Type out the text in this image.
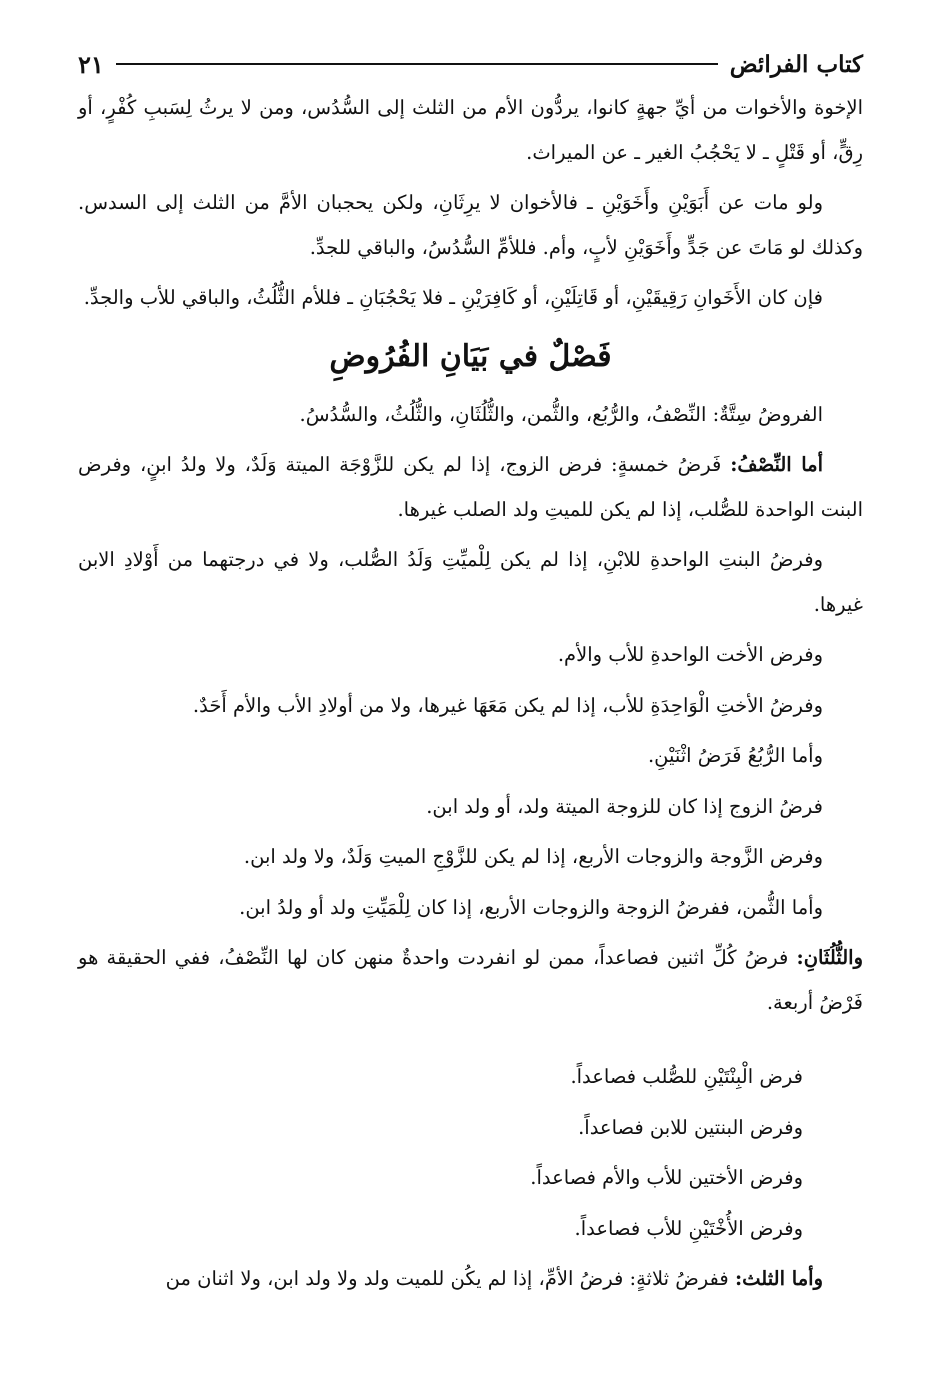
كتاب الفرائض
٢١

الإخوة والأخوات من أيِّ جهةٍ كانوا، يردُّون الأم من الثلث إلى السُّدُس، ومن لا يرثُ لِسَببِ كُفْرٍ، أو رِقٍّ، أو قَتْلٍ ـ لا يَحْجُبُ الغير ـ عن الميراث.

ولو مات عن أَبَوَيْنِ وأَخَوَيْنِ ـ فالأخوان لا يرِثَانِ، ولكن يحجبان الأمَّ من الثلث إلى السدس. وكذلك لو مَاتَ عن جَدٍّ وأَخَوَيْنِ لأبٍ، وأم. فللأمِّ السُّدُسُ، والباقي للجدِّ.

فإن كان الأَخَوانِ رَقِيقَيْنِ، أو قَاتِلَيْنِ، أو كَافِرَيْنِ ـ فلا يَحْجُبَانِ ـ فللأم الثُّلُثُ، والباقي للأب والجدِّ.

فَصْلٌ في بَيَانِ الفُرُوضِ

الفروضُ سِتَّةٌ: النِّصْفُ، والرُّبُع، والثُّمن، والثُّلُثَانِ، والثُّلُثُ، والسُّدُسُ.

أما النِّصْفُ: فَرضُ خمسةٍ: فرض الزوج، إذا لم يكن للزَّوْجَة الميتة وَلَدٌ، ولا ولدُ ابنٍ، وفرض البنت الواحدة للصُّلب، إذا لم يكن للميتِ ولد الصلب غيرها.

وفرضُ البنتِ الواحدةِ للابْنِ، إذا لم يكن لِلْميِّتِ وَلَدُ الصُّلب، ولا في درجتهما من أَوْلادِ الابن غيرها.

وفرض الأخت الواحدةِ للأب والأم.

وفرضُ الأختِ الْوَاحِدَةِ للأب، إذا لم يكن مَعَهَا غيرها، ولا من أولادِ الأب والأم أَحَدٌ.

وأما الرُّبُعُ فَرَضُ اثْنَيْنِ.

فرضُ الزوج إذا كان للزوجة الميتة ولد، أو ولد ابن.

وفرض الزَّوجة والزوجات الأربع، إذا لم يكن للزَّوْجِ الميتِ وَلَدٌ، ولا ولد ابن.

وأما الثُّمن، ففرضُ الزوجة والزوجات الأربع، إذا كان لِلْمَيِّتِ ولد أو ولدُ ابن.

والثُّلُثَانِ: فرضُ كُلِّ اثنين فصاعداً، ممن لو انفردت واحدةٌ منهن كان لها النِّصْفُ، ففي الحقيقة هو فَرْضُ أربعة.

فرض الْبِنْتَيْنِ للصُّلب فصاعداً.

وفرض البنتين للابن فصاعداً.

وفرض الأختين للأب والأم فصاعداً.

وفرض الأُخْتَيْنِ للأب فصاعداً.

وأما الثلث: ففرضُ ثلاثةٍ: فرضُ الأمِّ، إذا لم يكُن للميت ولد ولا ولد ابن، ولا اثنان من
